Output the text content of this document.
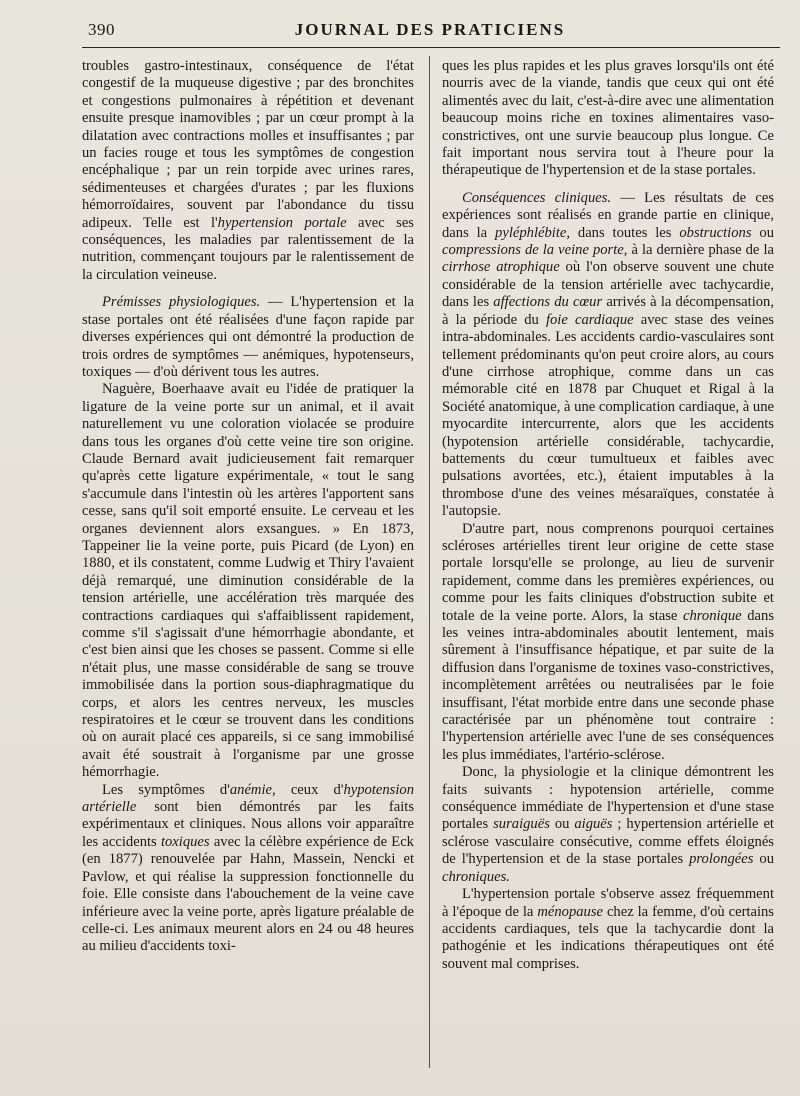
390	JOURNAL DES PRATICIENS

troubles gastro-intestinaux, conséquence de l'état congestif de la muqueuse digestive ; par des bronchites et congestions pulmonaires à répétition et devenant ensuite presque inamovibles ; par un cœur prompt à la dilatation avec contractions molles et insuffisantes ; par un facies rouge et tous les symptômes de congestion encéphalique ; par un rein torpide avec urines rares, sédimenteuses et chargées d'urates ; par les fluxions hémorroïdaires, souvent par l'abondance du tissu adipeux. Telle est l'hypertension portale avec ses conséquences, les maladies par ralentissement de la nutrition, commençant toujours par le ralentissement de la circulation veineuse.

Prémisses physiologiques. — L'hypertension et la stase portales ont été réalisées d'une façon rapide par diverses expériences qui ont démontré la production de trois ordres de symptômes — anémiques, hypotenseurs, toxiques — d'où dérivent tous les autres.

Naguère, Boerhaave avait eu l'idée de pratiquer la ligature de la veine porte sur un animal, et il avait naturellement vu une coloration violacée se produire dans tous les organes d'où cette veine tire son origine. Claude Bernard avait judicieusement fait remarquer qu'après cette ligature expérimentale, « tout le sang s'accumule dans l'intestin où les artères l'apportent sans cesse, sans qu'il soit emporté ensuite. Le cerveau et les organes deviennent alors exsangues. » En 1873, Tappeiner lie la veine porte, puis Picard (de Lyon) en 1880, et ils constatent, comme Ludwig et Thiry l'avaient déjà remarqué, une diminution considérable de la tension artérielle, une accélération très marquée des contractions cardiaques qui s'affaiblissent rapidement, comme s'il s'agissait d'une hémorrhagie abondante, et c'est bien ainsi que les choses se passent. Comme si elle n'était plus, une masse considérable de sang se trouve immobilisée dans la portion sous-diaphragmatique du corps, et alors les centres nerveux, les muscles respiratoires et le cœur se trouvent dans les conditions où on aurait placé ces appareils, si ce sang immobilisé avait été soustrait à l'organisme par une grosse hémorrhagie.

Les symptômes d'anémie, ceux d'hypotension artérielle sont bien démontrés par les faits expérimentaux et cliniques. Nous allons voir apparaître les accidents toxiques avec la célèbre expérience de Eck (en 1877) renouvelée par Hahn, Massein, Nencki et Pavlow, et qui réalise la suppression fonctionnelle du foie. Elle consiste dans l'abouchement de la veine cave inférieure avec la veine porte, après ligature préalable de celle-ci. Les animaux meurent alors en 24 ou 48 heures au milieu d'accidents toxi-

ques les plus rapides et les plus graves lorsqu'ils ont été nourris avec de la viande, tandis que ceux qui ont été alimentés avec du lait, c'est-à-dire avec une alimentation beaucoup moins riche en toxines alimentaires vaso-constrictives, ont une survie beaucoup plus longue. Ce fait important nous servira tout à l'heure pour la thérapeutique de l'hypertension et de la stase portales.

Conséquences cliniques. — Les résultats de ces expériences sont réalisés en grande partie en clinique, dans la pyléphlébite, dans toutes les obstructions ou compressions de la veine porte, à la dernière phase de la cirrhose atrophique où l'on observe souvent une chute considérable de la tension artérielle avec tachycardie, dans les affections du cœur arrivés à la décompensation, à la période du foie cardiaque avec stase des veines intra-abdominales. Les accidents cardio-vasculaires sont tellement prédominants qu'on peut croire alors, au cours d'une cirrhose atrophique, comme dans un cas mémorable cité en 1878 par Chuquet et Rigal à la Société anatomique, à une complication cardiaque, à une myocardite intercurrente, alors que les accidents (hypotension artérielle considérable, tachycardie, battements du cœur tumultueux et faibles avec pulsations avortées, etc.), étaient imputables à la thrombose d'une des veines mésaraïques, constatée à l'autopsie.

D'autre part, nous comprenons pourquoi certaines scléroses artérielles tirent leur origine de cette stase portale lorsqu'elle se prolonge, au lieu de survenir rapidement, comme dans les premières expériences, ou comme pour les faits cliniques d'obstruction subite et totale de la veine porte. Alors, la stase chronique dans les veines intra-abdominales aboutit lentement, mais sûrement à l'insuffisance hépatique, et par suite de la diffusion dans l'organisme de toxines vaso-constrictives, incomplètement arrêtées ou neutralisées par le foie insuffisant, l'état morbide entre dans une seconde phase caractérisée par un phénomène tout contraire : l'hypertension artérielle avec l'une de ses conséquences les plus immédiates, l'artério-sclérose.

Donc, la physiologie et la clinique démontrent les faits suivants : hypotension artérielle, comme conséquence immédiate de l'hypertension et d'une stase portales suraiguës ou aiguës ; hypertension artérielle et sclérose vasculaire consécutive, comme effets éloignés de l'hypertension et de la stase portales prolongées ou chroniques.

L'hypertension portale s'observe assez fréquemment à l'époque de la ménopause chez la femme, d'où certains accidents cardiaques, tels que la tachycardie dont la pathogénie et les indications thérapeutiques ont été souvent mal comprises.
